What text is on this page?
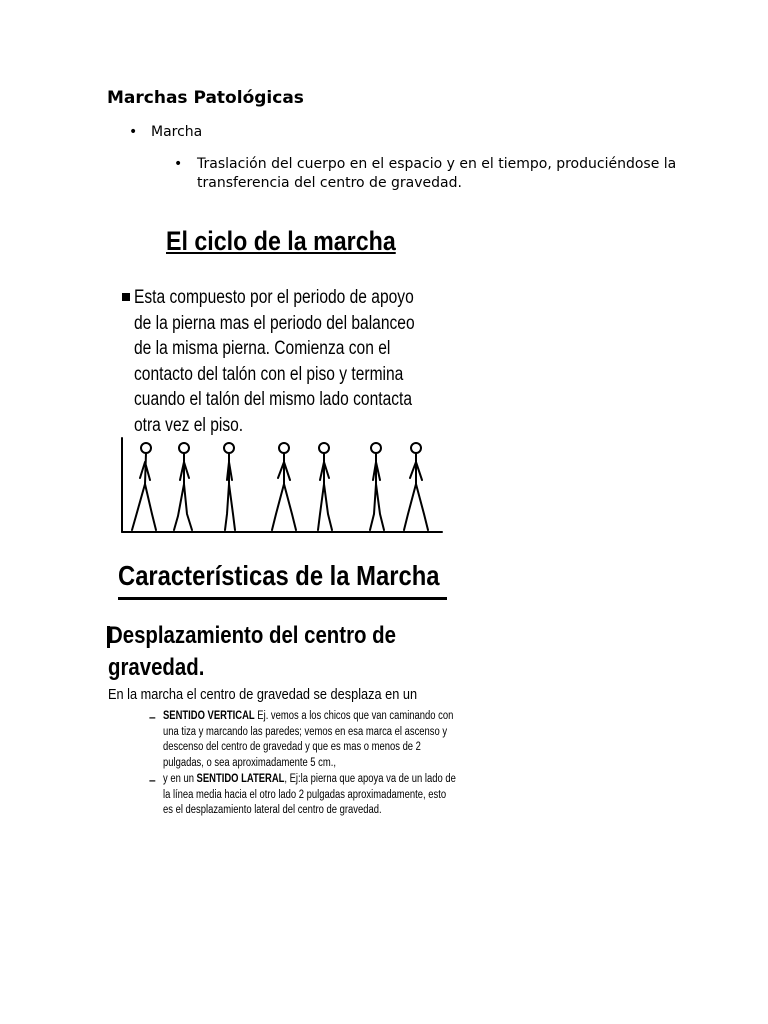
Marchas Patológicas
• Marcha
• Traslación del cuerpo en el espacio y en el tiempo, produciéndose la transferencia del centro de gravedad.
El ciclo de la marcha
Esta compuesto por el periodo de apoyo de la pierna mas el periodo del balanceo de la misma pierna. Comienza con el contacto del talón con el piso y termina cuando el talón del mismo lado contacta otra vez el piso.
Características de la Marcha
Desplazamiento del centro de gravedad.
En la marcha el centro de gravedad se desplaza en un
– SENTIDO VERTICAL Ej. vemos a los chicos que van caminando con una tiza y marcando las paredes; vemos en esa marca el ascenso y descenso del centro de gravedad y que es mas o menos de 2 pulgadas, o sea aproximadamente 5 cm.,
– y en un SENTIDO LATERAL, Ej:la pierna que apoya va de un lado de la línea media hacia el otro lado 2 pulgadas aproximadamente, esto es el desplazamiento lateral del centro de gravedad.
